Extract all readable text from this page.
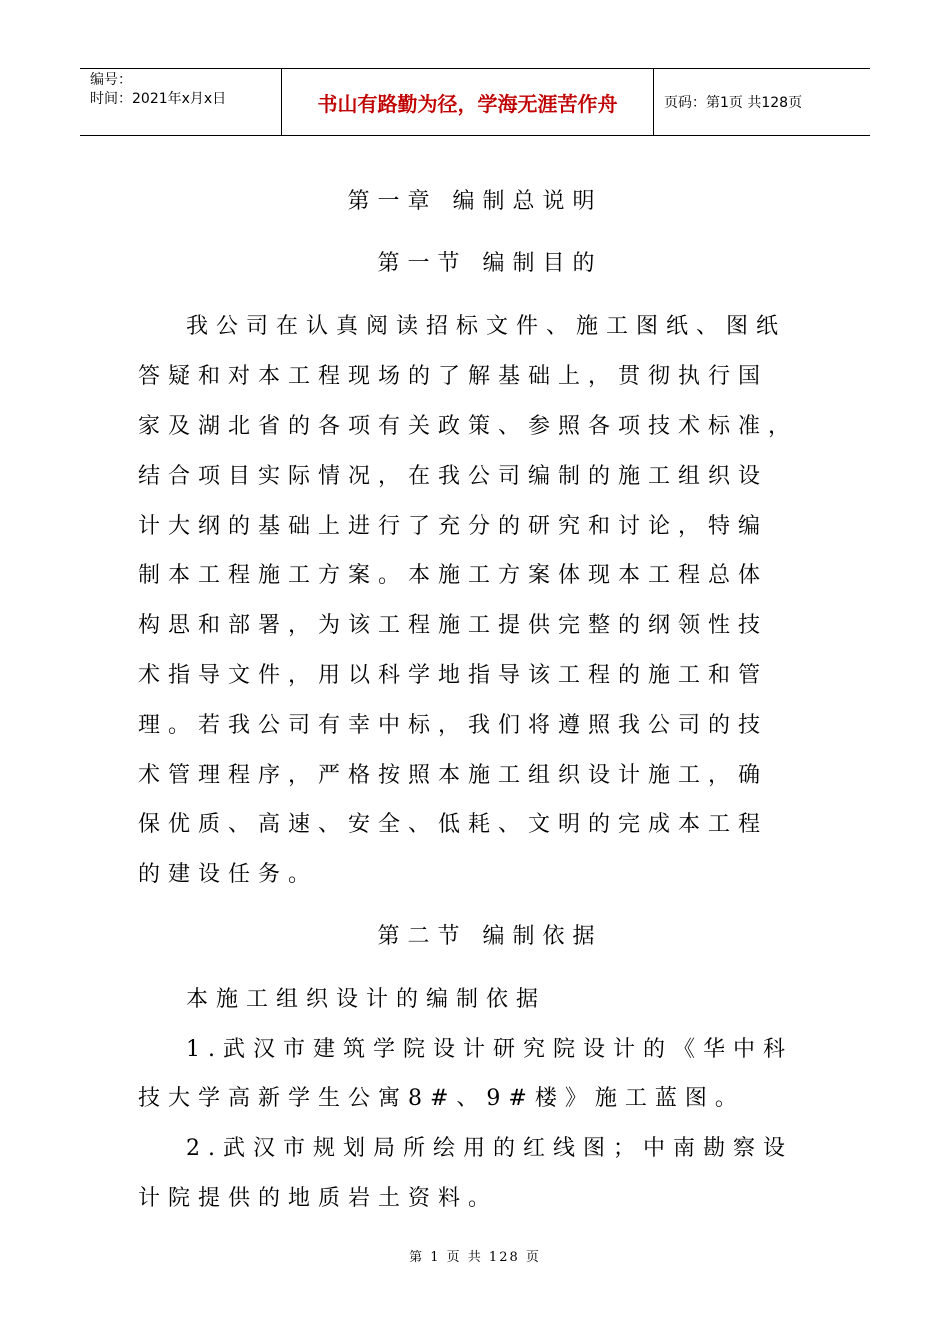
编号：
时间：2021年x月x日	书山有路勤为径，学海无涯苦作舟	页码：第1页 共128页
第一章 编制总说明
第一节 编制目的
我公司在认真阅读招标文件、施工图纸、图纸
答疑和对本工程现场的了解基础上，贯彻执行国
家及湖北省的各项有关政策、参照各项技术标准，
结合项目实际情况，在我公司编制的施工组织设
计大纲的基础上进行了充分的研究和讨论，特编
制本工程施工方案。本施工方案体现本工程总体
构思和部署，为该工程施工提供完整的纲领性技
术指导文件，用以科学地指导该工程的施工和管
理。若我公司有幸中标，我们将遵照我公司的技
术管理程序，严格按照本施工组织设计施工，确
保优质、高速、安全、低耗、文明的完成本工程
的建设任务。
第二节 编制依据
本施工组织设计的编制依据
1.武汉市建筑学院设计研究院设计的《华中科
技大学高新学生公寓8#、9#楼》施工蓝图。
2.武汉市规划局所绘用的红线图；中南勘察设
计院提供的地质岩土资料。
第 1 页 共 128 页
